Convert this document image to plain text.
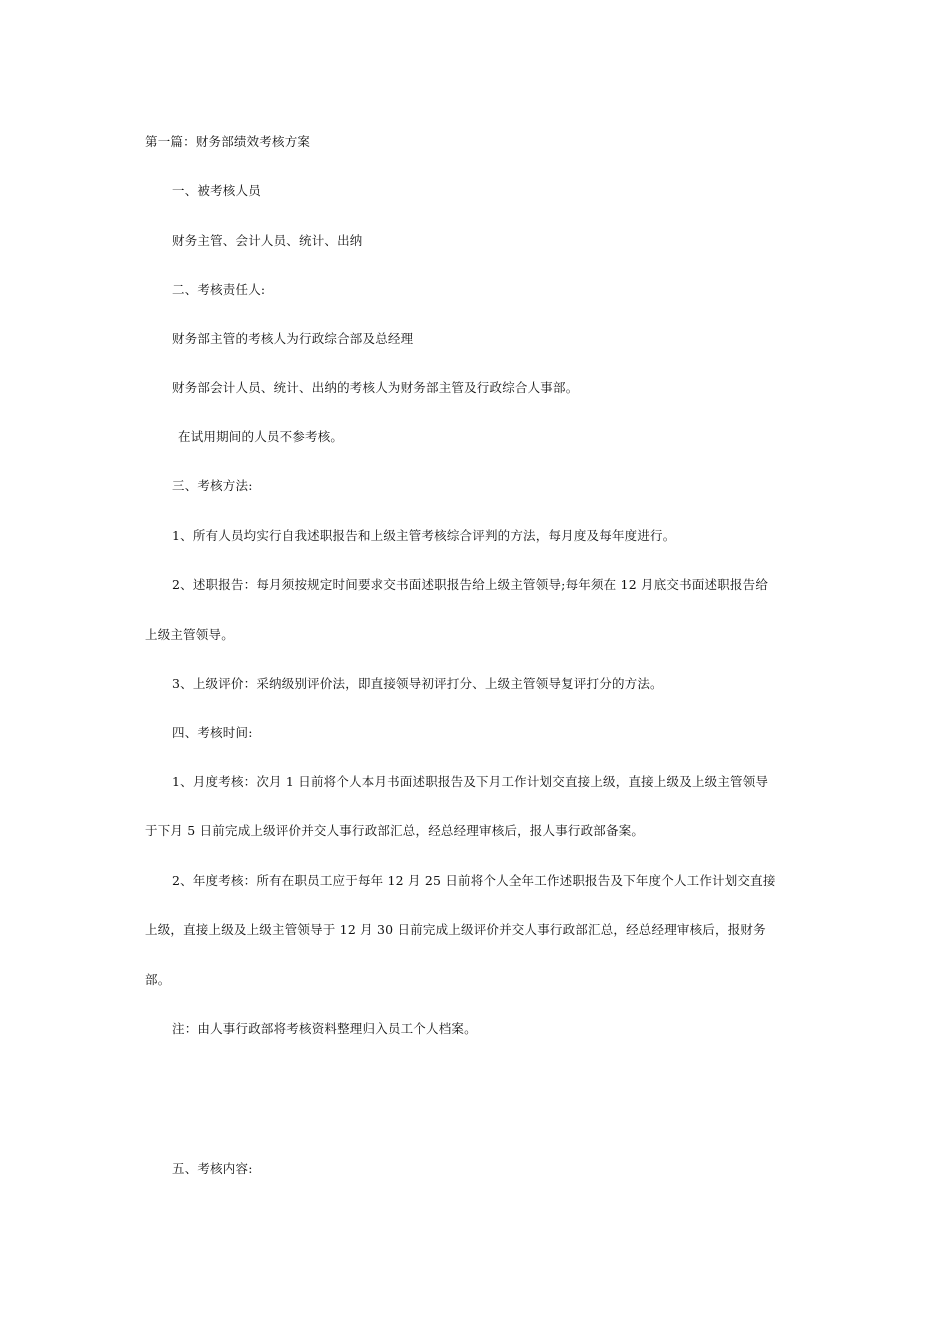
第一篇：财务部绩效考核方案
一、被考核人员
财务主管、会计人员、统计、出纳
二、考核责任人:
财务部主管的考核人为行政综合部及总经理
财务部会计人员、统计、出纳的考核人为财务部主管及行政综合人事部。
在试用期间的人员不参考核。
三、考核方法:
1、所有人员均实行自我述职报告和上级主管考核综合评判的方法，每月度及每年度进行。
2、述职报告：每月须按规定时间要求交书面述职报告给上级主管领导;每年须在 12 月底交书面述职报告给
上级主管领导。
3、上级评价：采纳级别评价法，即直接领导初评打分、上级主管领导复评打分的方法。
四、考核时间:
1、月度考核：次月 1 日前将个人本月书面述职报告及下月工作计划交直接上级，直接上级及上级主管领导
于下月 5 日前完成上级评价并交人事行政部汇总，经总经理审核后，报人事行政部备案。
2、年度考核：所有在职员工应于每年 12 月 25 日前将个人全年工作述职报告及下年度个人工作计划交直接
上级，直接上级及上级主管领导于 12 月 30 日前完成上级评价并交人事行政部汇总，经总经理审核后，报财务
部。
注：由人事行政部将考核资料整理归入员工个人档案。
五、考核内容:
